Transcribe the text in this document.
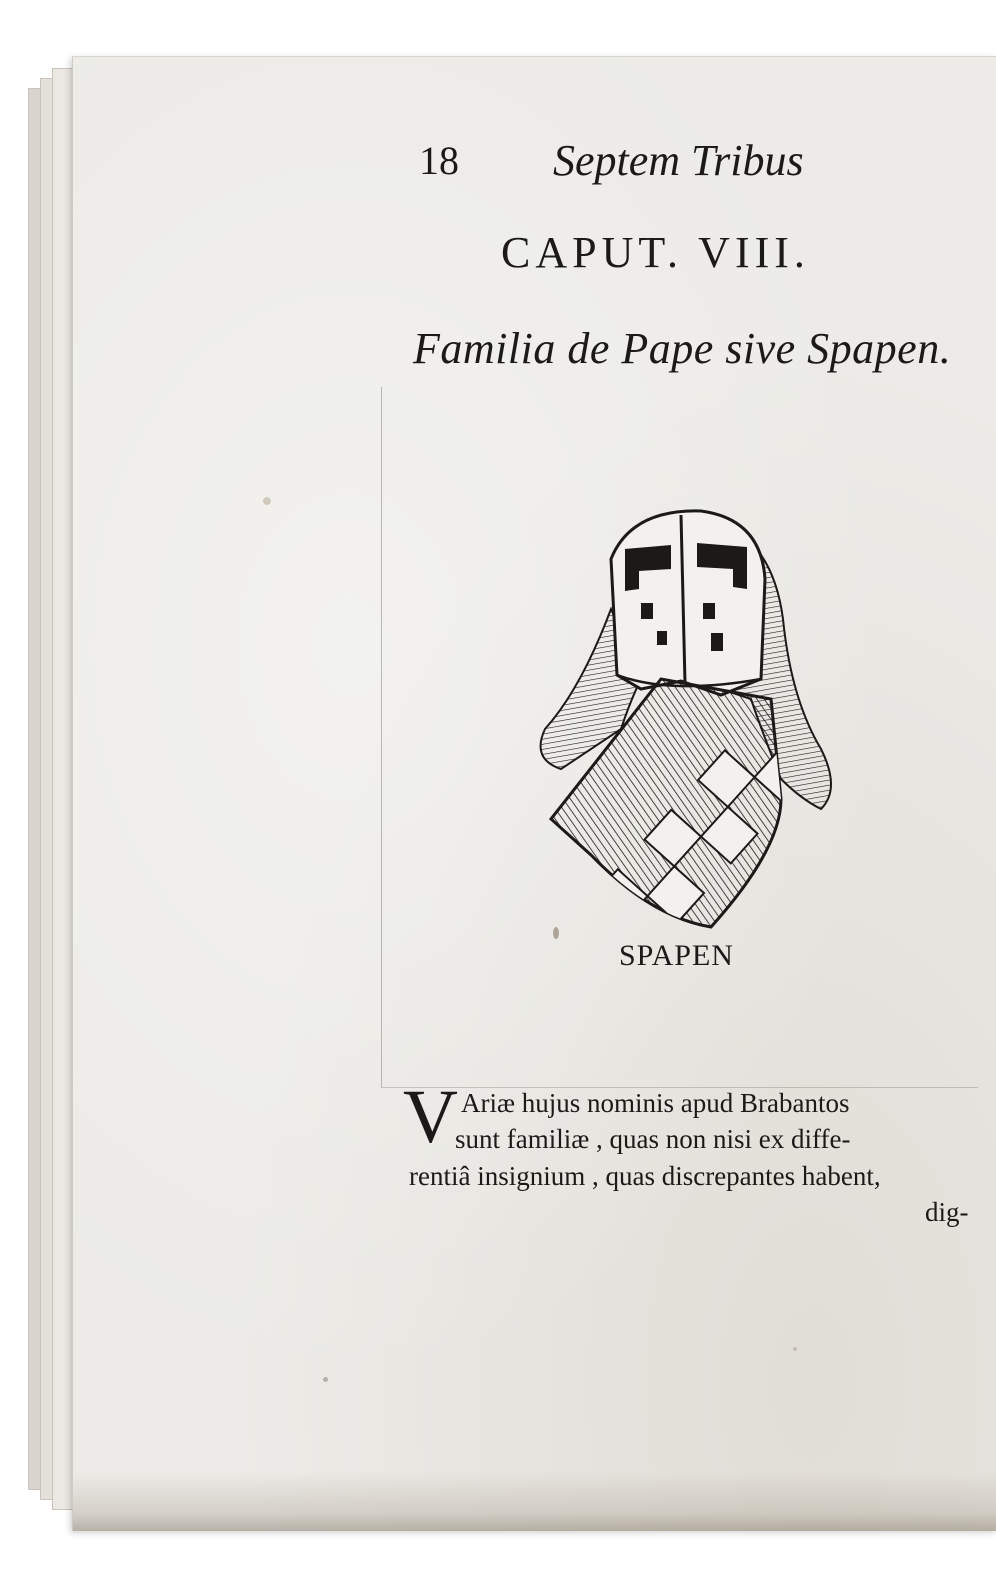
18 Septem Tribus

CAPUT. VIII.

Familia de Pape sive Spapen.

SPAPEN

V Ariæ hujus nominis apud Brabantos

sunt familiæ , quas non nisi ex diffe-

rentiâ insignium , quas discrepantes habent,

dig-
